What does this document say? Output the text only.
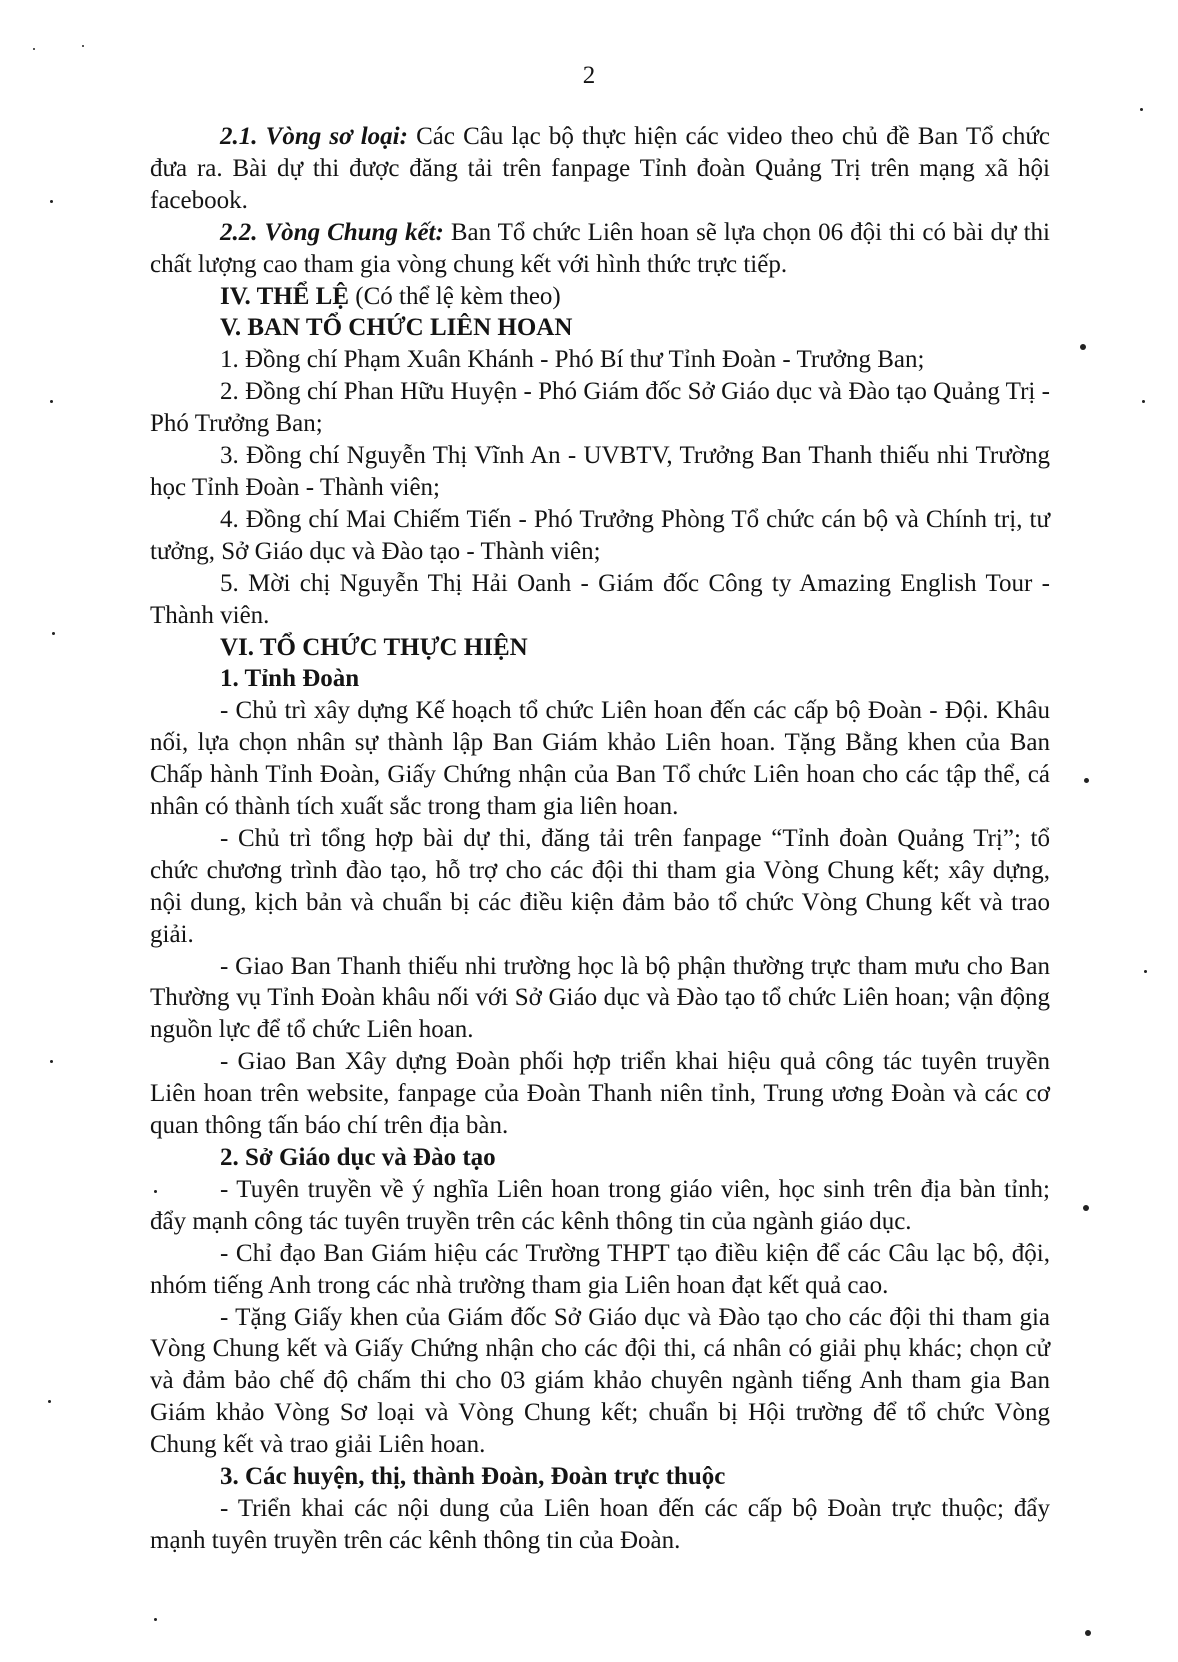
2

2.1. Vòng sơ loại: Các Câu lạc bộ thực hiện các video theo chủ đề Ban Tổ chức đưa ra. Bài dự thi được đăng tải trên fanpage Tỉnh đoàn Quảng Trị trên mạng xã hội facebook.

2.2. Vòng Chung kết: Ban Tổ chức Liên hoan sẽ lựa chọn 06 đội thi có bài dự thi chất lượng cao tham gia vòng chung kết với hình thức trực tiếp.

IV. THỂ LỆ (Có thể lệ kèm theo)

V. BAN TỔ CHỨC LIÊN HOAN

1. Đồng chí Phạm Xuân Khánh - Phó Bí thư Tỉnh Đoàn - Trưởng Ban;

2. Đồng chí Phan Hữu Huyện - Phó Giám đốc Sở Giáo dục và Đào tạo Quảng Trị - Phó Trưởng Ban;

3. Đồng chí Nguyễn Thị Vĩnh An - UVBTV, Trưởng Ban Thanh thiếu nhi Trường học Tỉnh Đoàn - Thành viên;

4. Đồng chí Mai Chiếm Tiến - Phó Trưởng Phòng Tổ chức cán bộ và Chính trị, tư tưởng, Sở Giáo dục và Đào tạo - Thành viên;

5. Mời chị Nguyễn Thị Hải Oanh - Giám đốc Công ty Amazing English Tour - Thành viên.

VI. TỔ CHỨC THỰC HIỆN

1. Tỉnh Đoàn

- Chủ trì xây dựng Kế hoạch tổ chức Liên hoan đến các cấp bộ Đoàn - Đội. Khâu nối, lựa chọn nhân sự thành lập Ban Giám khảo Liên hoan. Tặng Bằng khen của Ban Chấp hành Tỉnh Đoàn, Giấy Chứng nhận của Ban Tổ chức Liên hoan cho các tập thể, cá nhân có thành tích xuất sắc trong tham gia liên hoan.

- Chủ trì tổng hợp bài dự thi, đăng tải trên fanpage “Tỉnh đoàn Quảng Trị”; tổ chức chương trình đào tạo, hỗ trợ cho các đội thi tham gia Vòng Chung kết; xây dựng, nội dung, kịch bản và chuẩn bị các điều kiện đảm bảo tổ chức Vòng Chung kết và trao giải.

- Giao Ban Thanh thiếu nhi trường học là bộ phận thường trực tham mưu cho Ban Thường vụ Tỉnh Đoàn khâu nối với Sở Giáo dục và Đào tạo tổ chức Liên hoan; vận động nguồn lực để tổ chức Liên hoan.

- Giao Ban Xây dựng Đoàn phối hợp triển khai hiệu quả công tác tuyên truyền Liên hoan trên website, fanpage của Đoàn Thanh niên tỉnh, Trung ương Đoàn và các cơ quan thông tấn báo chí trên địa bàn.

2. Sở Giáo dục và Đào tạo

- Tuyên truyền về ý nghĩa Liên hoan trong giáo viên, học sinh trên địa bàn tỉnh; đẩy mạnh công tác tuyên truyền trên các kênh thông tin của ngành giáo dục.

- Chỉ đạo Ban Giám hiệu các Trường THPT tạo điều kiện để các Câu lạc bộ, đội, nhóm tiếng Anh trong các nhà trường tham gia Liên hoan đạt kết quả cao.

- Tặng Giấy khen của Giám đốc Sở Giáo dục và Đào tạo cho các đội thi tham gia Vòng Chung kết và Giấy Chứng nhận cho các đội thi, cá nhân có giải phụ khác; chọn cử và đảm bảo chế độ chấm thi cho 03 giám khảo chuyên ngành tiếng Anh tham gia Ban Giám khảo Vòng Sơ loại và Vòng Chung kết; chuẩn bị Hội trường để tổ chức Vòng Chung kết và trao giải Liên hoan.

3. Các huyện, thị, thành Đoàn, Đoàn trực thuộc

- Triển khai các nội dung của Liên hoan đến các cấp bộ Đoàn trực thuộc; đẩy mạnh tuyên truyền trên các kênh thông tin của Đoàn.
